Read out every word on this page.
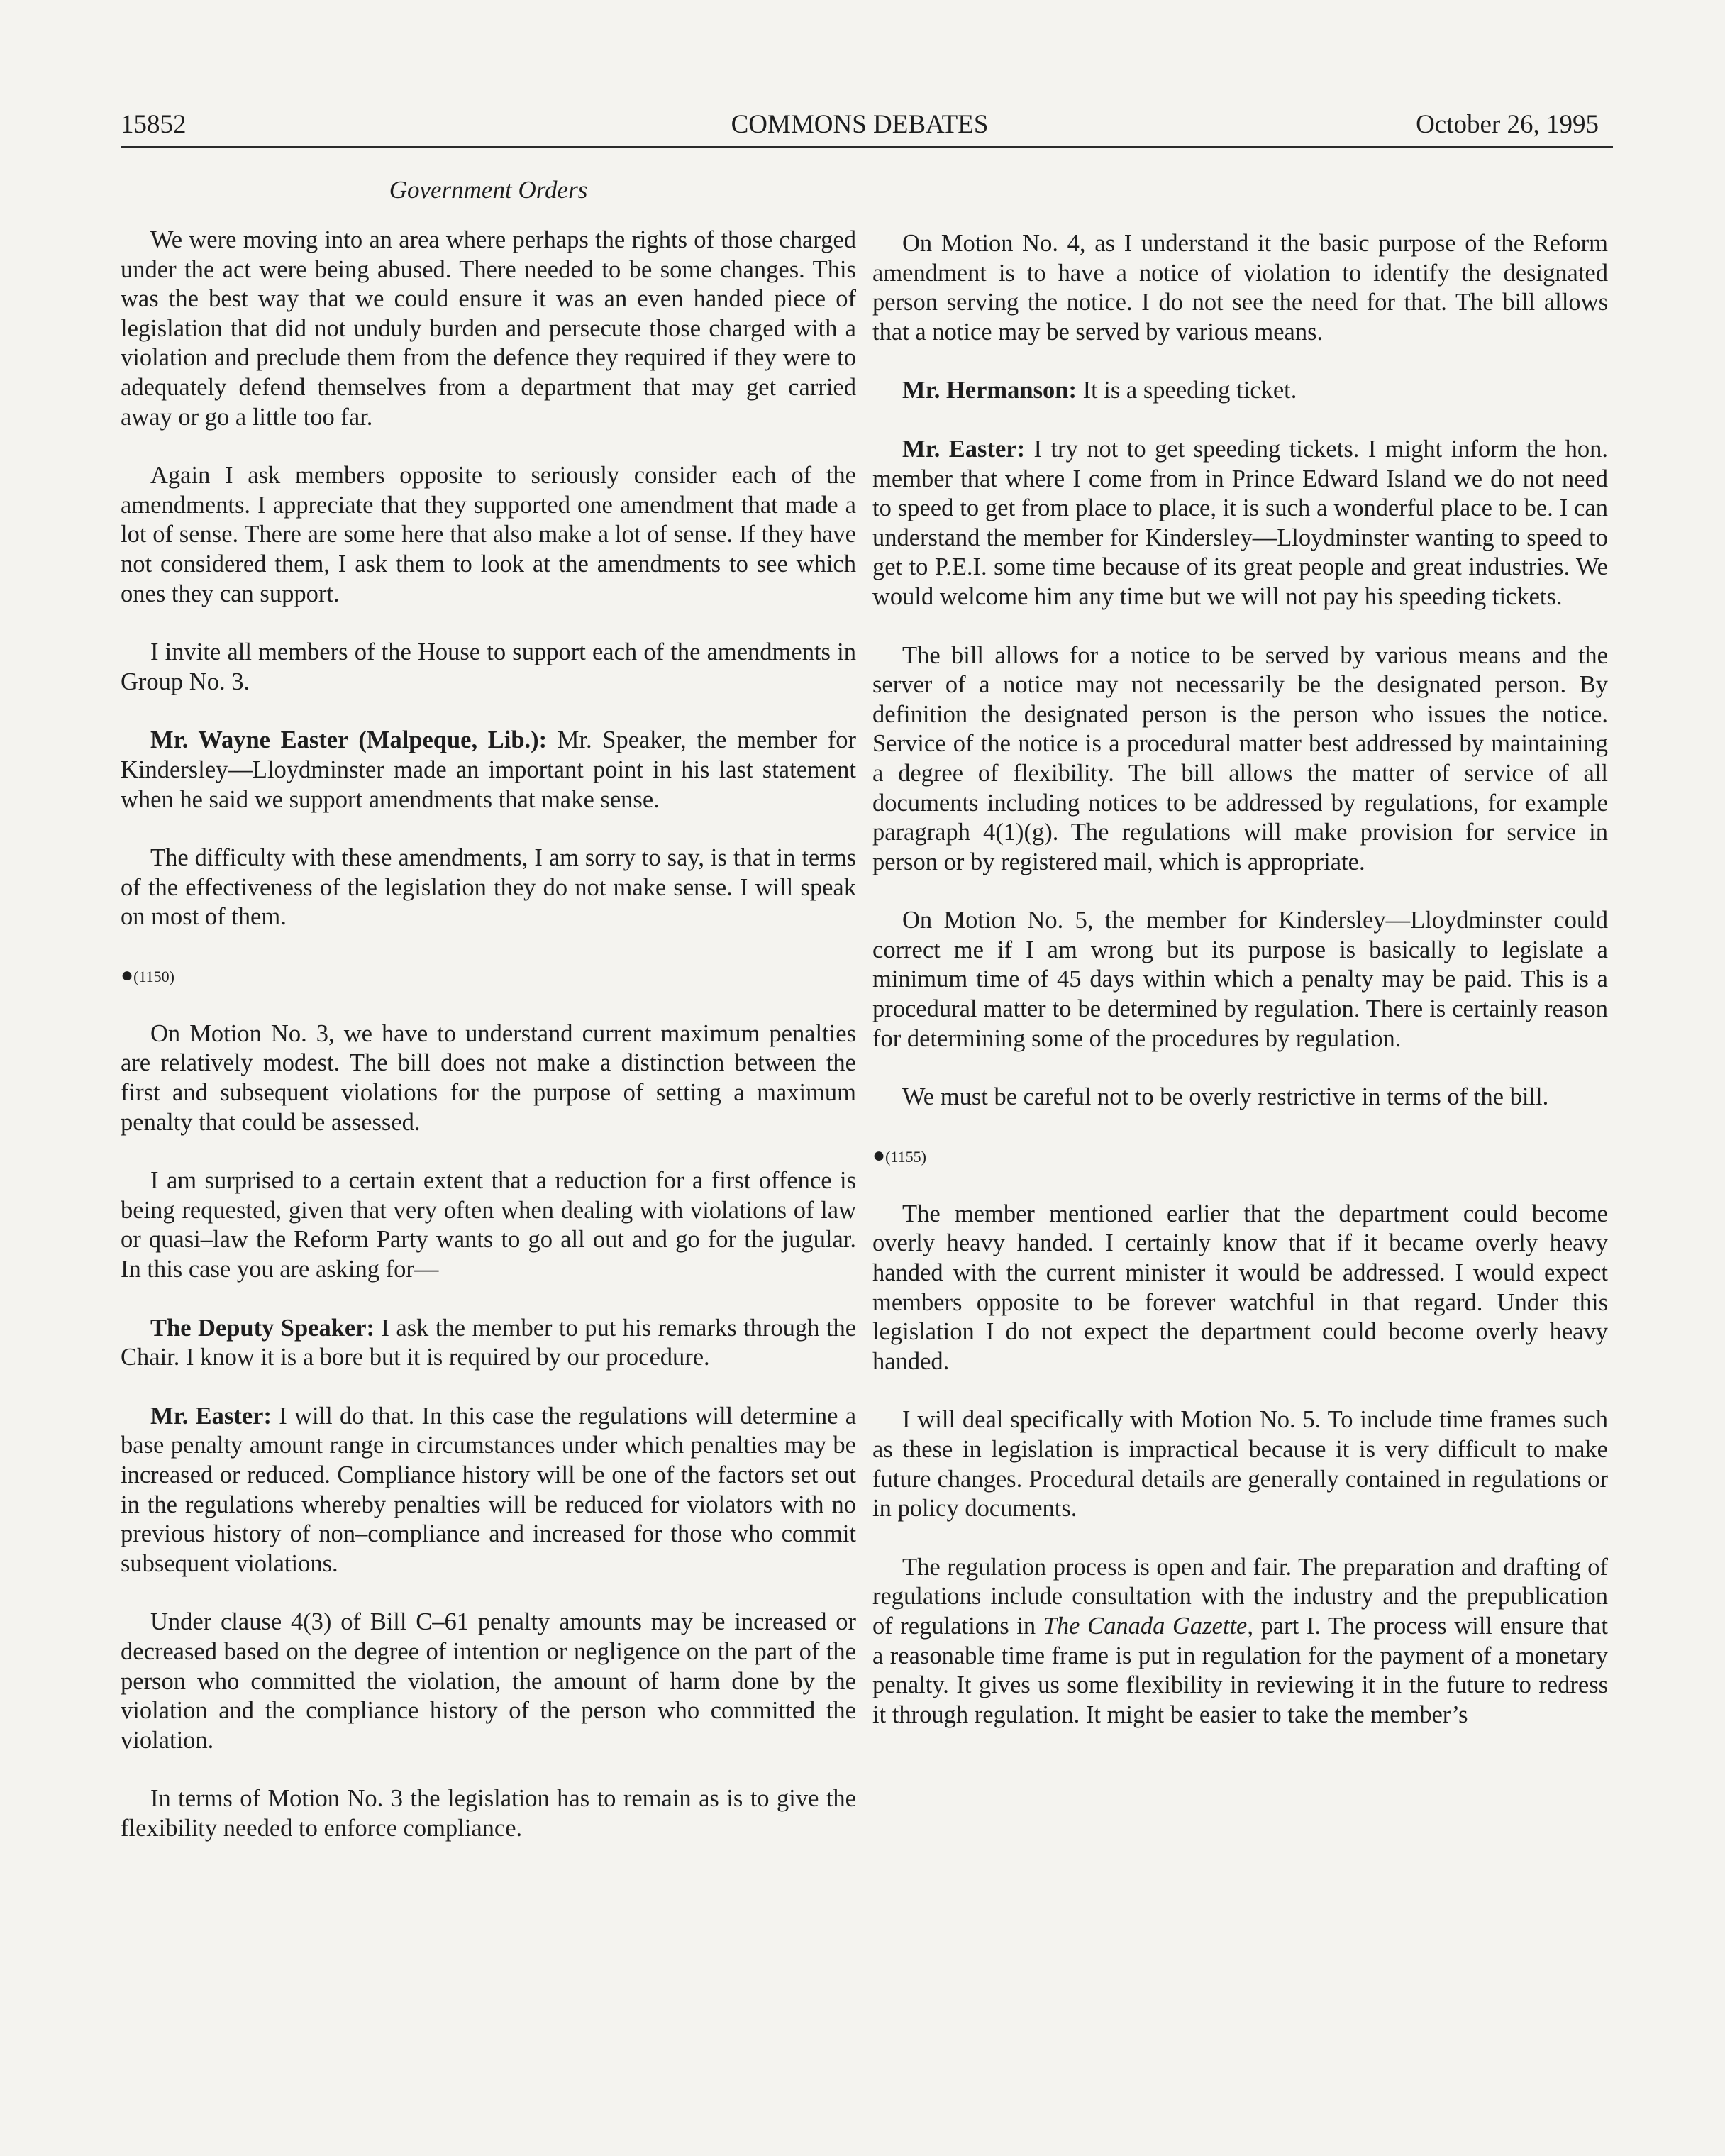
15852	COMMONS DEBATES	October 26, 1995
Government Orders

We were moving into an area where perhaps the rights of those charged under the act were being abused. There needed to be some changes. This was the best way that we could ensure it was an even handed piece of legislation that did not unduly burden and persecute those charged with a violation and preclude them from the defence they required if they were to adequately defend themselves from a department that may get carried away or go a little too far.

Again I ask members opposite to seriously consider each of the amendments. I appreciate that they supported one amendment that made a lot of sense. There are some here that also make a lot of sense. If they have not considered them, I ask them to look at the amendments to see which ones they can support.

I invite all members of the House to support each of the amendments in Group No. 3.

Mr. Wayne Easter (Malpeque, Lib.): Mr. Speaker, the member for Kindersley—Lloydminster made an important point in his last statement when he said we support amendments that make sense.

The difficulty with these amendments, I am sorry to say, is that in terms of the effectiveness of the legislation they do not make sense. I will speak on most of them.

●(1150)

On Motion No. 3, we have to understand current maximum penalties are relatively modest. The bill does not make a distinction between the first and subsequent violations for the purpose of setting a maximum penalty that could be assessed.

I am surprised to a certain extent that a reduction for a first offence is being requested, given that very often when dealing with violations of law or quasi–law the Reform Party wants to go all out and go for the jugular. In this case you are asking for—

The Deputy Speaker: I ask the member to put his remarks through the Chair. I know it is a bore but it is required by our procedure.

Mr. Easter: I will do that. In this case the regulations will determine a base penalty amount range in circumstances under which penalties may be increased or reduced. Compliance history will be one of the factors set out in the regulations whereby penalties will be reduced for violators with no previous history of non–compliance and increased for those who commit subsequent violations.

Under clause 4(3) of Bill C–61 penalty amounts may be increased or decreased based on the degree of intention or negligence on the part of the person who committed the violation, the amount of harm done by the violation and the compliance history of the person who committed the violation.

In terms of Motion No. 3 the legislation has to remain as is to give the flexibility needed to enforce compliance.

On Motion No. 4, as I understand it the basic purpose of the Reform amendment is to have a notice of violation to identify the designated person serving the notice. I do not see the need for that. The bill allows that a notice may be served by various means.

Mr. Hermanson: It is a speeding ticket.

Mr. Easter: I try not to get speeding tickets. I might inform the hon. member that where I come from in Prince Edward Island we do not need to speed to get from place to place, it is such a wonderful place to be. I can understand the member for Kindersley—Lloydminster wanting to speed to get to P.E.I. some time because of its great people and great industries. We would welcome him any time but we will not pay his speeding tickets.

The bill allows for a notice to be served by various means and the server of a notice may not necessarily be the designated person. By definition the designated person is the person who issues the notice. Service of the notice is a procedural matter best addressed by maintaining a degree of flexibility. The bill allows the matter of service of all documents including notices to be addressed by regulations, for example paragraph 4(1)(g). The regulations will make provision for service in person or by registered mail, which is appropriate.

On Motion No. 5, the member for Kindersley—Lloydminster could correct me if I am wrong but its purpose is basically to legislate a minimum time of 45 days within which a penalty may be paid. This is a procedural matter to be determined by regulation. There is certainly reason for determining some of the procedures by regulation.

We must be careful not to be overly restrictive in terms of the bill.

●(1155)

The member mentioned earlier that the department could become overly heavy handed. I certainly know that if it became overly heavy handed with the current minister it would be addressed. I would expect members opposite to be forever watchful in that regard. Under this legislation I do not expect the department could become overly heavy handed.

I will deal specifically with Motion No. 5. To include time frames such as these in legislation is impractical because it is very difficult to make future changes. Procedural details are generally contained in regulations or in policy documents.

The regulation process is open and fair. The preparation and drafting of regulations include consultation with the industry and the prepublication of regulations in The Canada Gazette, part I. The process will ensure that a reasonable time frame is put in regulation for the payment of a monetary penalty. It gives us some flexibility in reviewing it in the future to redress it through regulation. It might be easier to take the member’s
